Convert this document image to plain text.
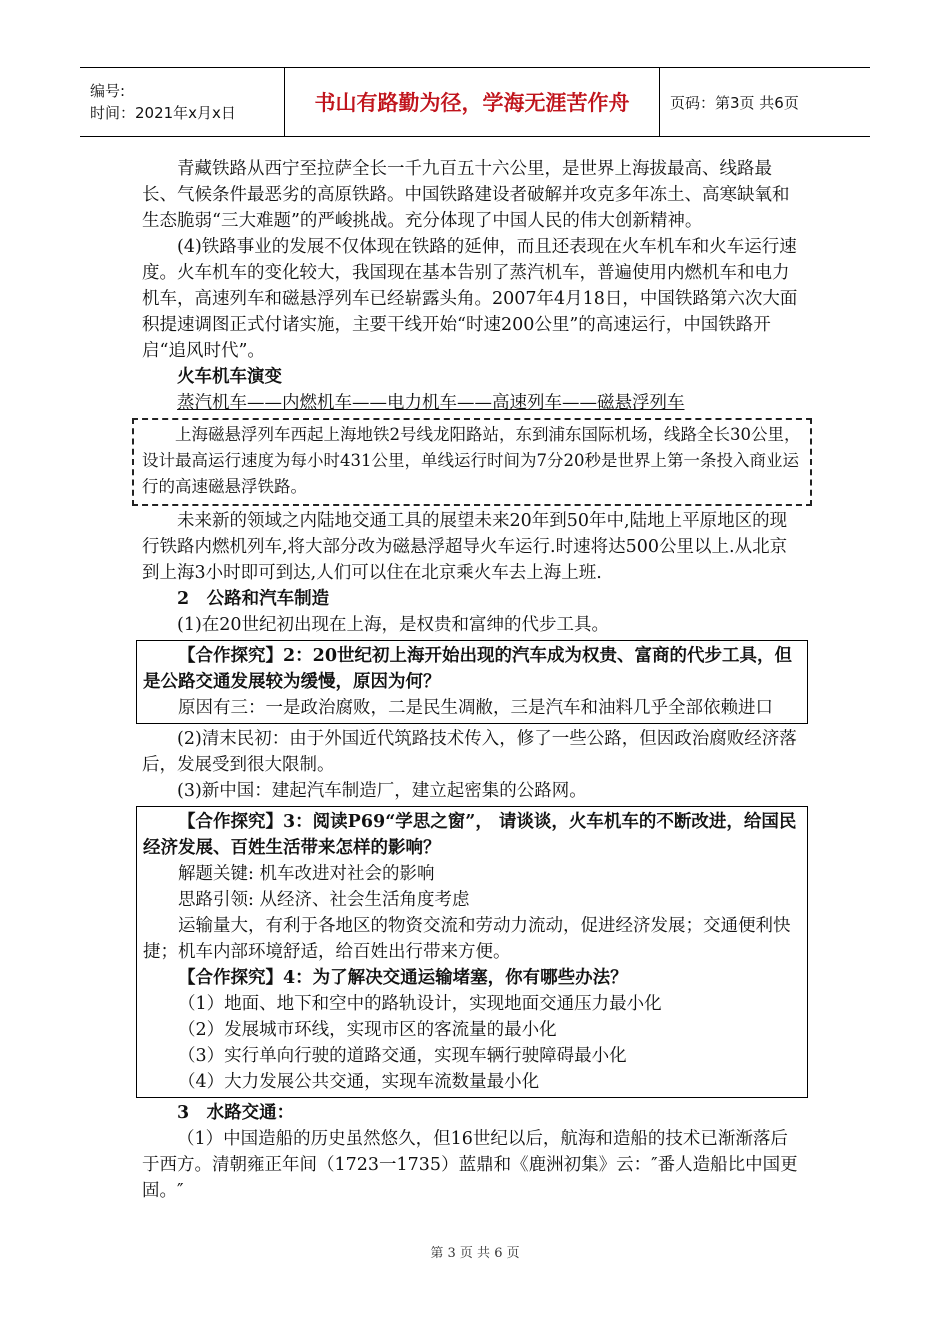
编号:
时间：2021年x月x日	书山有路勤为径，学海无涯苦作舟	页码：第3页 共6页

青藏铁路从西宁至拉萨全长一千九百五十六公里，是世界上海拔最高、线路最长、气候条件最恶劣的高原铁路。中国铁路建设者破解并攻克多年冻土、高寒缺氧和生态脆弱“三大难题”的严峻挑战。充分体现了中国人民的伟大创新精神。

(4)铁路事业的发展不仅体现在铁路的延伸，而且还表现在火车机车和火车运行速度。火车机车的变化较大，我国现在基本告别了蒸汽机车，普遍使用内燃机车和电力机车，高速列车和磁悬浮列车已经崭露头角。2007年4月18日，中国铁路第六次大面积提速调图正式付诸实施，主要干线开始“时速200公里”的高速运行，中国铁路开启“追风时代”。

火车机车演变

蒸汽机车——内燃机车——电力机车——高速列车——磁悬浮列车

上海磁悬浮列车西起上海地铁2号线龙阳路站，东到浦东国际机场，线路全长30公里，设计最高运行速度为每小时431公里，单线运行时间为7分20秒是世界上第一条投入商业运行的高速磁悬浮铁路。

未来新的领域之内陆地交通工具的展望未来20年到50年中,陆地上平原地区的现行铁路内燃机列车,将大部分改为磁悬浮超导火车运行.时速将达500公里以上.从北京到上海3小时即可到达,人们可以住在北京乘火车去上海上班.

2　公路和汽车制造

(1)在20世纪初出现在上海，是权贵和富绅的代步工具。

【合作探究】2：20世纪初上海开始出现的汽车成为权贵、富商的代步工具，但是公路交通发展较为缓慢，原因为何？

原因有三：一是政治腐败，二是民生凋敝，三是汽车和油料几乎全部依赖进口

(2)清末民初：由于外国近代筑路技术传入，修了一些公路，但因政治腐败经济落后，发展受到很大限制。

(3)新中国：建起汽车制造厂，建立起密集的公路网。

【合作探究】3：阅读P69“学思之窗”， 请谈谈，火车机车的不断改进，给国民经济发展、百姓生活带来怎样的影响？

解题关键: 机车改进对社会的影响

思路引领: 从经济、社会生活角度考虑

运输量大，有利于各地区的物资交流和劳动力流动，促进经济发展；交通便利快捷；机车内部环境舒适，给百姓出行带来方便。

【合作探究】4：为了解决交通运输堵塞，你有哪些办法？

（1）地面、地下和空中的路轨设计，实现地面交通压力最小化

（2）发展城市环线，实现市区的客流量的最小化

（3）实行单向行驶的道路交通，实现车辆行驶障碍最小化

（4）大力发展公共交通，实现车流数量最小化

3　水路交通：

（1）中国造船的历史虽然悠久，但16世纪以后，航海和造船的技术已渐渐落后于西方。清朝雍正年间（1723一1735）蓝鼎和《鹿洲初集》云：″番人造船比中国更固。″

第 3 页 共 6 页
